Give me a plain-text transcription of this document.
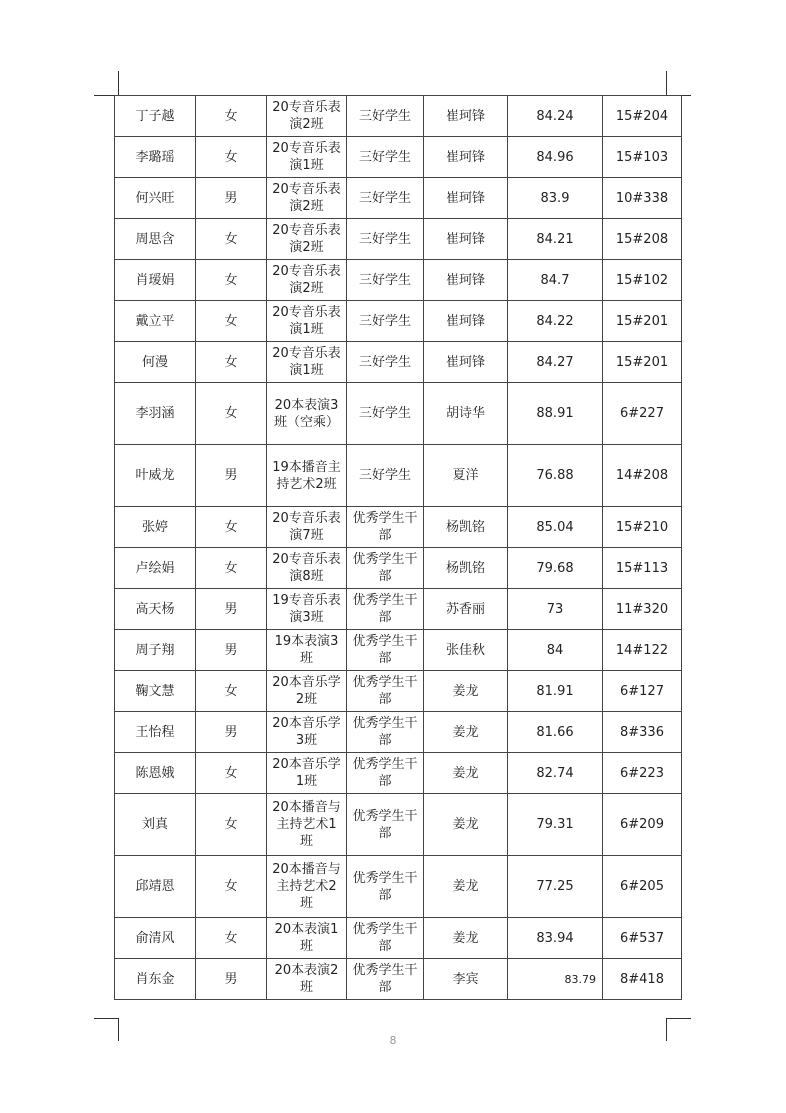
丁子越	女	20专音乐表演2班	三好学生	崔珂锋	84.24	15#204
李璐瑶	女	20专音乐表演1班	三好学生	崔珂锋	84.96	15#103
何兴旺	男	20专音乐表演2班	三好学生	崔珂锋	83.9	10#338
周思含	女	20专音乐表演2班	三好学生	崔珂锋	84.21	15#208
肖瑷娟	女	20专音乐表演2班	三好学生	崔珂锋	84.7	15#102
戴立平	女	20专音乐表演1班	三好学生	崔珂锋	84.22	15#201
何漫	女	20专音乐表演1班	三好学生	崔珂锋	84.27	15#201
李羽涵	女	20本表演3班（空乘）	三好学生	胡诗华	88.91	6#227
叶威龙	男	19本播音主持艺术2班	三好学生	夏洋	76.88	14#208
张婷	女	20专音乐表演7班	优秀学生干部	杨凯铭	85.04	15#210
卢绘娟	女	20专音乐表演8班	优秀学生干部	杨凯铭	79.68	15#113
高天杨	男	19专音乐表演3班	优秀学生干部	苏香丽	73	11#320
周子翔	男	19本表演3班	优秀学生干部	张佳秋	84	14#122
鞠文慧	女	20本音乐学2班	优秀学生干部	姜龙	81.91	6#127
王怡程	男	20本音乐学3班	优秀学生干部	姜龙	81.66	8#336
陈恩娥	女	20本音乐学1班	优秀学生干部	姜龙	82.74	6#223
刘真	女	20本播音与主持艺术1班	优秀学生干部	姜龙	79.31	6#209
邱靖恩	女	20本播音与主持艺术2班	优秀学生干部	姜龙	77.25	6#205
俞清风	女	20本表演1班	优秀学生干部	姜龙	83.94	6#537
肖东金	男	20本表演2班	优秀学生干部	李宾	83.79	8#418
8
